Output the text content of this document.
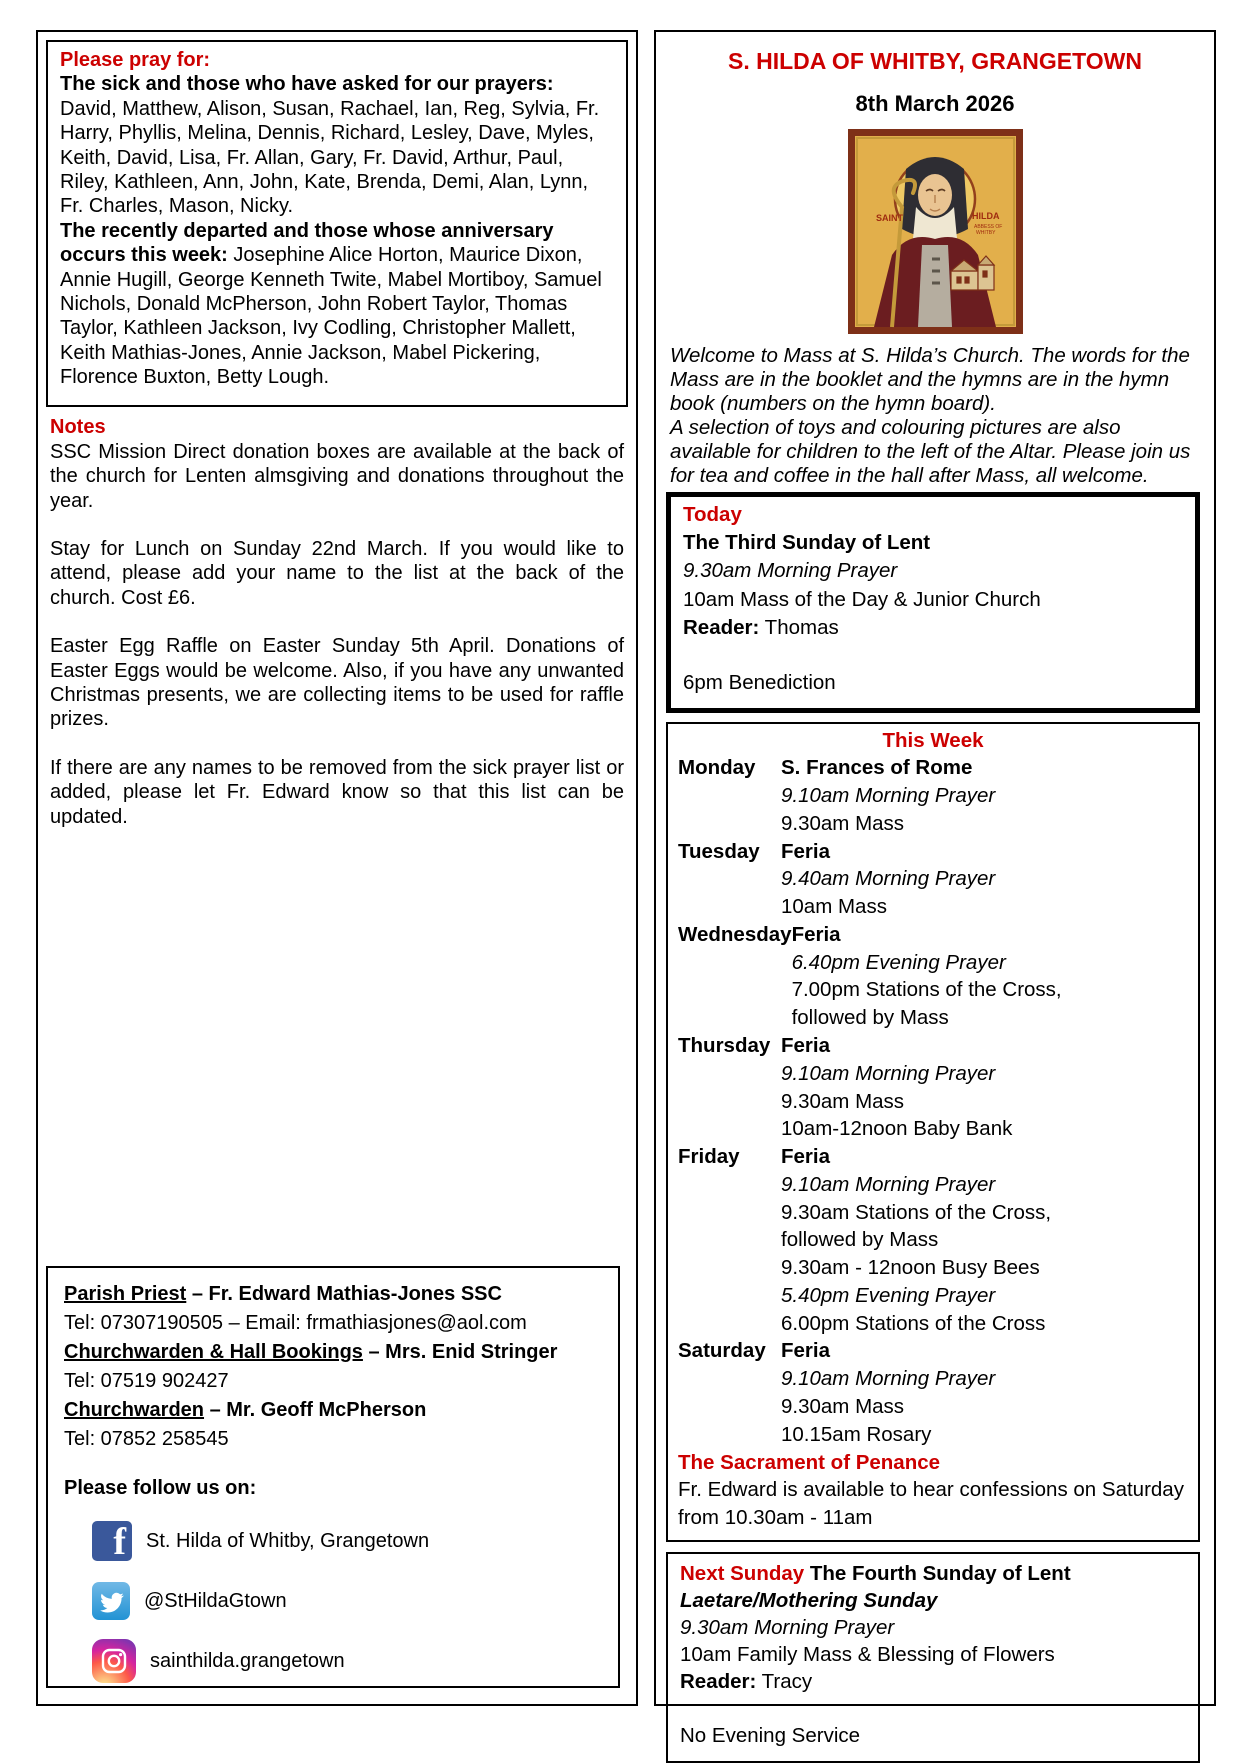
Please pray for:

The sick and those who have asked for our prayers: David, Matthew, Alison, Susan, Rachael, Ian, Reg, Sylvia, Fr. Harry, Phyllis, Melina, Dennis, Richard, Lesley, Dave, Myles, Keith, David, Lisa, Fr. Allan, Gary, Fr. David, Arthur, Paul, Riley, Kathleen, Ann, John, Kate, Brenda, Demi, Alan, Lynn, Fr. Charles, Mason, Nicky.

The recently departed and those whose anniversary occurs this week: Josephine Alice Horton, Maurice Dixon, Annie Hugill, George Kenneth Twite, Mabel Mortiboy, Samuel Nichols, Donald McPherson, John Robert Taylor, Thomas Taylor, Kathleen Jackson, Ivy Codling, Christopher Mallett, Keith Mathias-Jones, Annie Jackson, Mabel Pickering, Florence Buxton, Betty Lough.

Notes

SSC Mission Direct donation boxes are available at the back of the church for Lenten almsgiving and donations throughout the year.

Stay for Lunch on Sunday 22nd March. If you would like to attend, please add your name to the list at the back of the church. Cost £6.

Easter Egg Raffle on Easter Sunday 5th April. Donations of Easter Eggs would be welcome. Also, if you have any unwanted Christmas presents, we are collecting items to be used for raffle prizes.

If there are any names to be removed from the sick prayer list or added, please let Fr. Edward know so that this list can be updated.

Parish Priest – Fr. Edward Mathias-Jones SSC
Tel: 07307190505 – Email: frmathiasjones@aol.com
Churchwarden & Hall Bookings – Mrs. Enid Stringer
Tel: 07519 902427
Churchwarden – Mr. Geoff McPherson
Tel: 07852 258545
Please follow us on:
f St. Hilda of Whitby, Grangetown
@StHildaGtown
sainthilda.grangetown
S. HILDA OF WHITBY, GRANGETOWN
8th March 2026
SAINT	HILDA
ABBESS OF
WHITBY
Welcome to Mass at S. Hilda’s Church. The words for the Mass are in the booklet and the hymns are in the hymn book (numbers on the hymn board).
A selection of toys and colouring pictures are also available for children to the left of the Altar. Please join us for tea and coffee in the hall after Mass, all welcome.
Today
The Third Sunday of Lent
9.30am Morning Prayer
10am Mass of the Day & Junior Church
Reader: Thomas
6pm Benediction
This Week
Monday	S. Frances of Rome
9.10am Morning Prayer
9.30am Mass
Tuesday	Feria
9.40am Morning Prayer
10am Mass
Wednesday Feria
6.40pm Evening Prayer
7.00pm Stations of the Cross,
followed by Mass
Thursday Feria
9.10am Morning Prayer
9.30am Mass
10am-12noon Baby Bank
Friday	Feria
9.10am Morning Prayer
9.30am Stations of the Cross,
followed by Mass
9.30am - 12noon Busy Bees
5.40pm Evening Prayer
6.00pm Stations of the Cross
Saturday Feria
9.10am Morning Prayer
9.30am Mass
10.15am Rosary
The Sacrament of Penance
Fr. Edward is available to hear confessions on Saturday from 10.30am - 11am
Next Sunday The Fourth Sunday of Lent
Laetare/Mothering Sunday
9.30am Morning Prayer
10am Family Mass & Blessing of Flowers
Reader: Tracy
No Evening Service
